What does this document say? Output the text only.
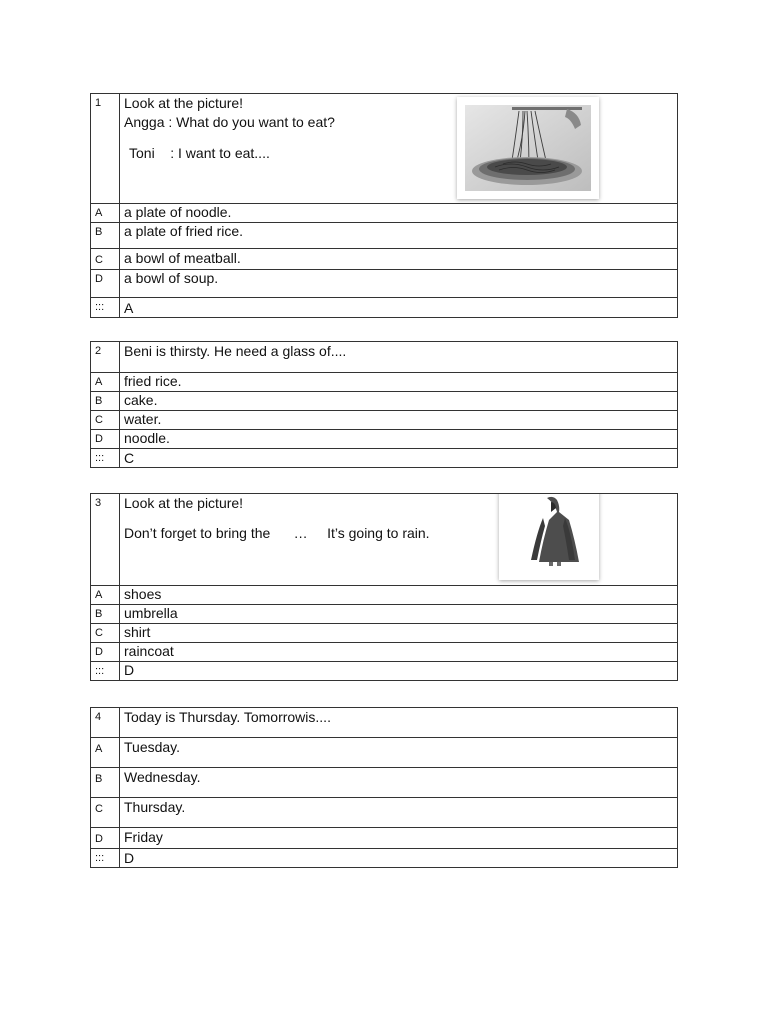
1	Look at the picture!
Angga : What do you want to eat?
Toni    : I want to eat....

A	a plate of noodle.
B	a plate of fried rice.
C	a bowl of meatball.
D	a bowl of soup.
:::	A
2	Beni is thirsty. He need a glass of....
A	fried rice.
B	cake.
C	water.
D	noodle.
:::	C
3	Look at the picture!
Don’t forget to bring the      …     It’s going to rain.

A	shoes
B	umbrella
C	shirt
D	raincoat
:::	D
4	Today is Thursday. Tomorrowis....
A	Tuesday.
B	Wednesday.
C	Thursday.
D	Friday
:::	D
